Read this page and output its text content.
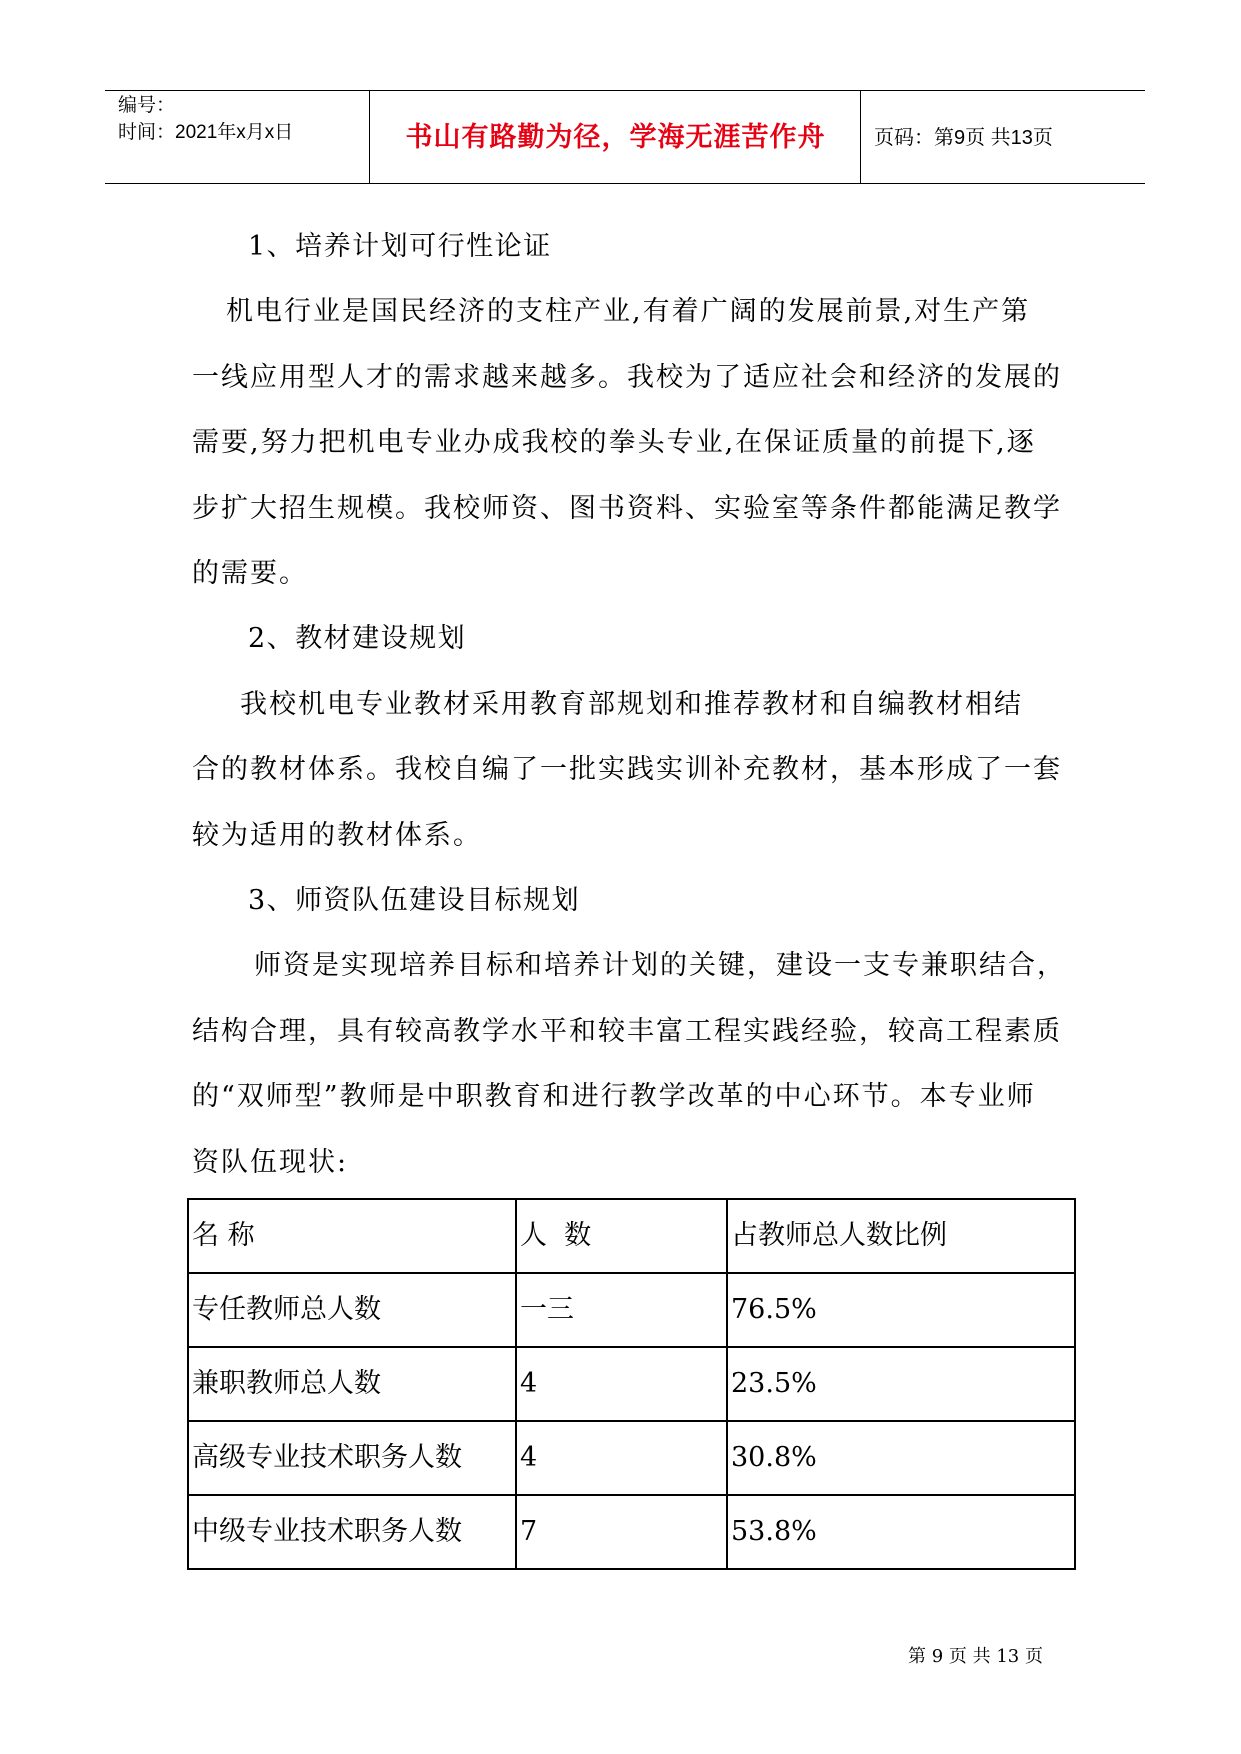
编号：
时间：2021年x月x日	书山有路勤为径，学海无涯苦作舟	页码：第9页 共13页
1、培养计划可行性论证
机电行业是国民经济的支柱产业,有着广阔的发展前景,对生产第
一线应用型人才的需求越来越多。我校为了适应社会和经济的发展的
需要,努力把机电专业办成我校的拳头专业,在保证质量的前提下,逐
步扩大招生规模。我校师资、图书资料、实验室等条件都能满足教学
的需要。
2、教材建设规划
我校机电专业教材采用教育部规划和推荐教材和自编教材相结
合的教材体系。我校自编了一批实践实训补充教材，基本形成了一套
较为适用的教材体系。
3、师资队伍建设目标规划
师资是实现培养目标和培养计划的关键，建设一支专兼职结合，
结构合理，具有较高教学水平和较丰富工程实践经验，较高工程素质
的“双师型”教师是中职教育和进行教学改革的中心环节。本专业师
资队伍现状:
名 称	人  数	占教师总人数比例
专任教师总人数	一三	76.5%
兼职教师总人数	4	23.5%
高级专业技术职务人数	4	30.8%
中级专业技术职务人数	7	53.8%
第 9 页 共 13 页
